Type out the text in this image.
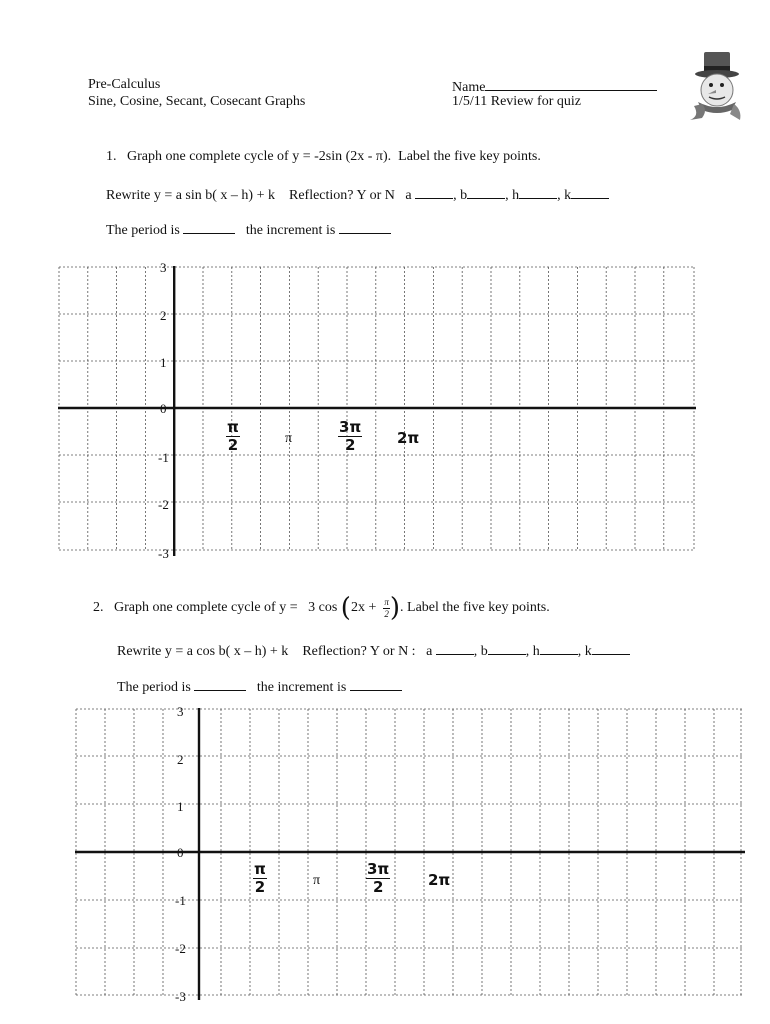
Pre-Calculus
Sine, Cosine, Secant, Cosecant Graphs
Name
1/5/11 Review for quiz
1. Graph one complete cycle of y = -2sin (2x - π). Label the five key points.
Rewrite y = a sin b( x – h) + k Reflection? Y or N a	, b	, h	, k
The period is	the increment is
3
2
1
0
-1
-2
-3
$\frac{\pi}{2}$	π	$\frac{3\pi}{2} 2\pi$
2. Graph one complete cycle of y = 3 $\cos (2x + \frac{\pi}{2}$ ). Label the five key points.
Rewrite y = a cos b( x – h) + k Reflection? Y or N : a	, b	, h	, k
The period is	the increment is
3
2
1
0
-1
-2
-3
$\frac{\pi}{2}$	π	$\frac{3\pi}{2}$	2π
